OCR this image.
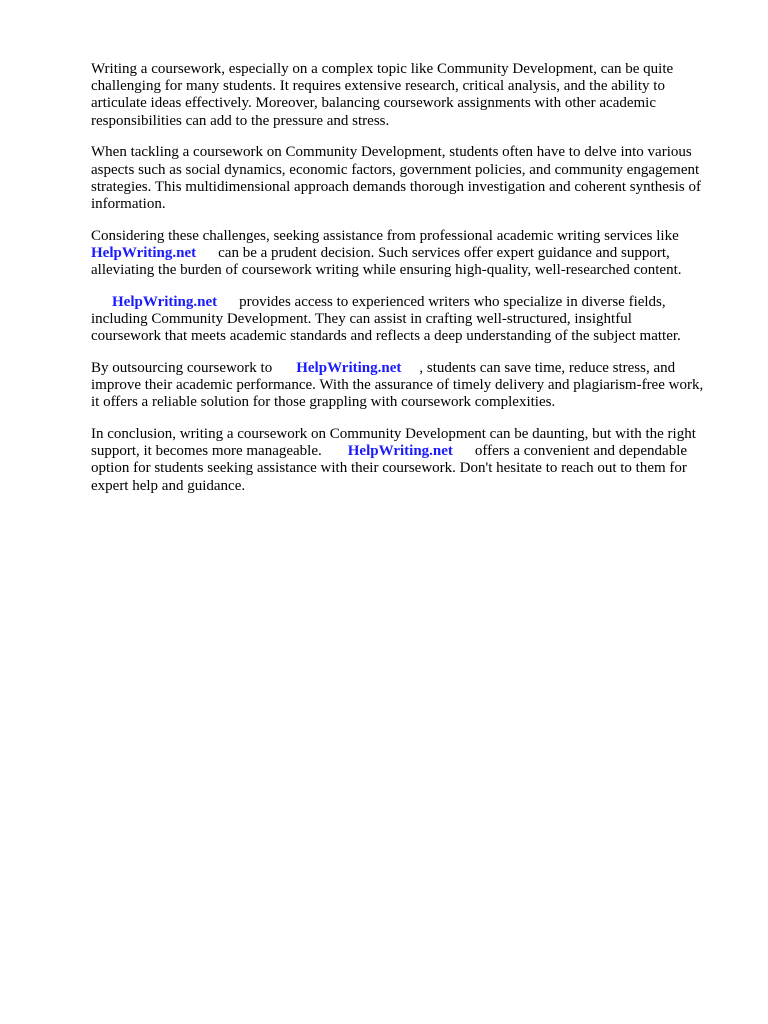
Writing a coursework, especially on a complex topic like Community Development, can be quite
challenging for many students. It requires extensive research, critical analysis, and the ability to
articulate ideas effectively. Moreover, balancing coursework assignments with other academic
responsibilities can add to the pressure and stress.

When tackling a coursework on Community Development, students often have to delve into various
aspects such as social dynamics, economic factors, government policies, and community engagement
strategies. This multidimensional approach demands thorough investigation and coherent synthesis of
information.

Considering these challenges, seeking assistance from professional academic writing services like
HelpWriting.net can be a prudent decision. Such services offer expert guidance and support,
alleviating the burden of coursework writing while ensuring high-quality, well-researched content.

HelpWriting.net provides access to experienced writers who specialize in diverse fields,
including Community Development. They can assist in crafting well-structured, insightful
coursework that meets academic standards and reflects a deep understanding of the subject matter.

By outsourcing coursework to HelpWriting.net , students can save time, reduce stress, and
improve their academic performance. With the assurance of timely delivery and plagiarism-free work,
it offers a reliable solution for those grappling with coursework complexities.

In conclusion, writing a coursework on Community Development can be daunting, but with the right
support, it becomes more manageable. HelpWriting.net offers a convenient and dependable
option for students seeking assistance with their coursework. Don't hesitate to reach out to them for
expert help and guidance.
